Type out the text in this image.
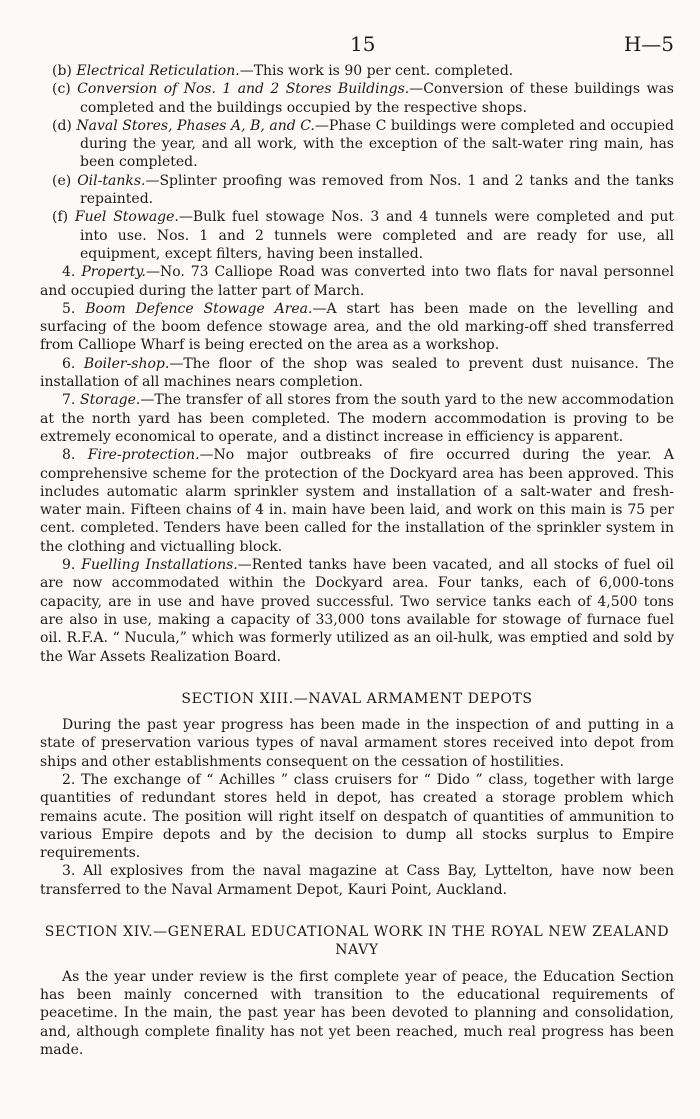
15	H—5

(b) Electrical Reticulation.—This work is 90 per cent. completed.

(c) Conversion of Nos. 1 and 2 Stores Buildings.—Conversion of these buildings was completed and the buildings occupied by the respective shops.

(d) Naval Stores, Phases A, B, and C.—Phase C buildings were completed and occupied during the year, and all work, with the exception of the salt-water ring main, has been completed.

(e) Oil-tanks.—Splinter proofing was removed from Nos. 1 and 2 tanks and the tanks repainted.

(f) Fuel Stowage.—Bulk fuel stowage Nos. 3 and 4 tunnels were completed and put into use. Nos. 1 and 2 tunnels were completed and are ready for use, all equipment, except filters, having been installed.

4. Property.—No. 73 Calliope Road was converted into two flats for naval personnel and occupied during the latter part of March.

5. Boom Defence Stowage Area.—A start has been made on the levelling and surfacing of the boom defence stowage area, and the old marking-off shed transferred from Calliope Wharf is being erected on the area as a workshop.

6. Boiler-shop.—The floor of the shop was sealed to prevent dust nuisance. The installation of all machines nears completion.

7. Storage.—The transfer of all stores from the south yard to the new accommodation at the north yard has been completed. The modern accommodation is proving to be extremely economical to operate, and a distinct increase in efficiency is apparent.

8. Fire-protection.—No major outbreaks of fire occurred during the year. A comprehensive scheme for the protection of the Dockyard area has been approved. This includes automatic alarm sprinkler system and installation of a salt-water and fresh-water main. Fifteen chains of 4 in. main have been laid, and work on this main is 75 per cent. completed. Tenders have been called for the installation of the sprinkler system in the clothing and victualling block.

9. Fuelling Installations.—Rented tanks have been vacated, and all stocks of fuel oil are now accommodated within the Dockyard area. Four tanks, each of 6,000-tons capacity, are in use and have proved successful. Two service tanks each of 4,500 tons are also in use, making a capacity of 33,000 tons available for stowage of furnace fuel oil. R.F.A. “ Nucula,” which was formerly utilized as an oil-hulk, was emptied and sold by the War Assets Realization Board.

SECTION XIII.—NAVAL ARMAMENT DEPOTS

During the past year progress has been made in the inspection of and putting in a state of preservation various types of naval armament stores received into depot from ships and other establishments consequent on the cessation of hostilities.

2. The exchange of “ Achilles ” class cruisers for “ Dido ” class, together with large quantities of redundant stores held in depot, has created a storage problem which remains acute. The position will right itself on despatch of quantities of ammunition to various Empire depots and by the decision to dump all stocks surplus to Empire requirements.

3. All explosives from the naval magazine at Cass Bay, Lyttelton, have now been transferred to the Naval Armament Depot, Kauri Point, Auckland.

SECTION XIV.—GENERAL EDUCATIONAL WORK IN THE ROYAL NEW ZEALAND NAVY

As the year under review is the first complete year of peace, the Education Section has been mainly concerned with transition to the educational requirements of peacetime. In the main, the past year has been devoted to planning and consolidation, and, although complete finality has not yet been reached, much real progress has been made.
